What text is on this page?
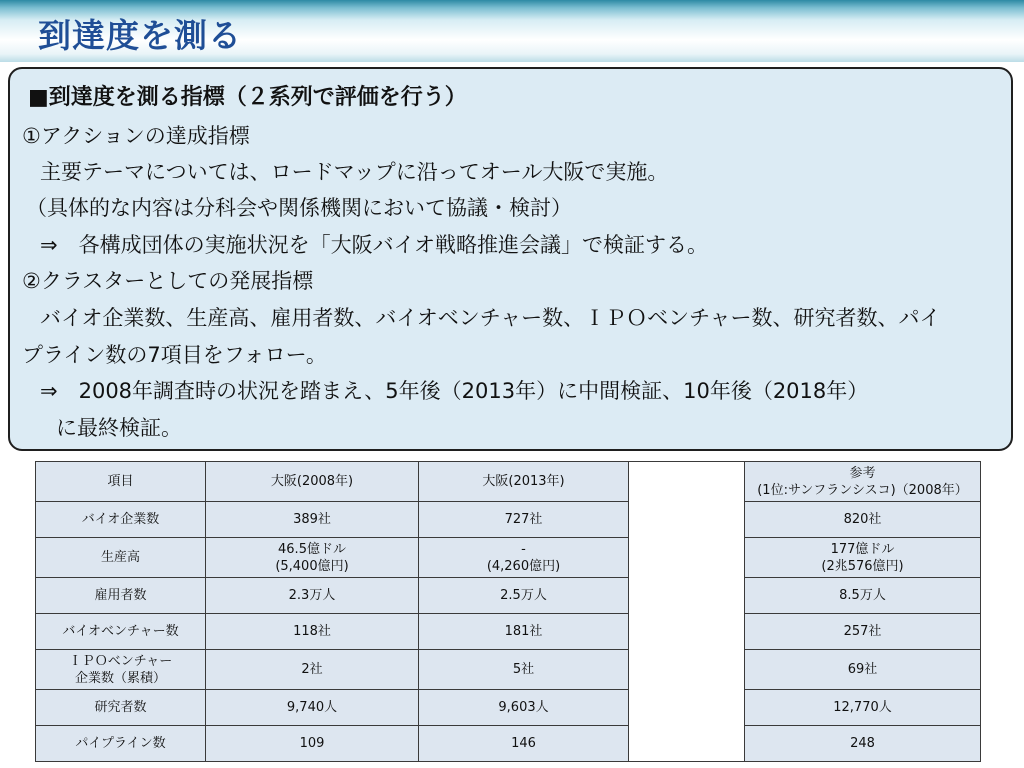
到達度を測る
■到達度を測る指標（２系列で評価を行う）
①アクションの達成指標
主要テーマについては、ロードマップに沿ってオール大阪で実施。
（具体的な内容は分科会や関係機関において協議・検討）
⇒　各構成団体の実施状況を「大阪バイオ戦略推進会議」で検証する。
②クラスターとしての発展指標
バイオ企業数、生産高、雇用者数、バイオベンチャー数、ＩＰＯベンチャー数、研究者数、パイ
プライン数の7項目をフォロー。
⇒　2008年調査時の状況を踏まえ、5年後（2013年）に中間検証、10年後（2018年）
に最終検証。
項目	大阪(2008年)	大阪(2013年)		参考
(1位:サンフランシスコ)（2008年）

バイオ企業数	389社	727社		820社

生産高	46.5億ドル
(5,400億円)	-
(4,260億円)		177億ドル
(2兆576億円)

雇用者数	2.3万人	2.5万人		8.5万人

バイオベンチャー数	118社	181社		257社

ＩＰＯベンチャー
企業数（累積）	2社	5社		69社

研究者数	9,740人	9,603人		12,770人

パイプライン数	109	146		248
